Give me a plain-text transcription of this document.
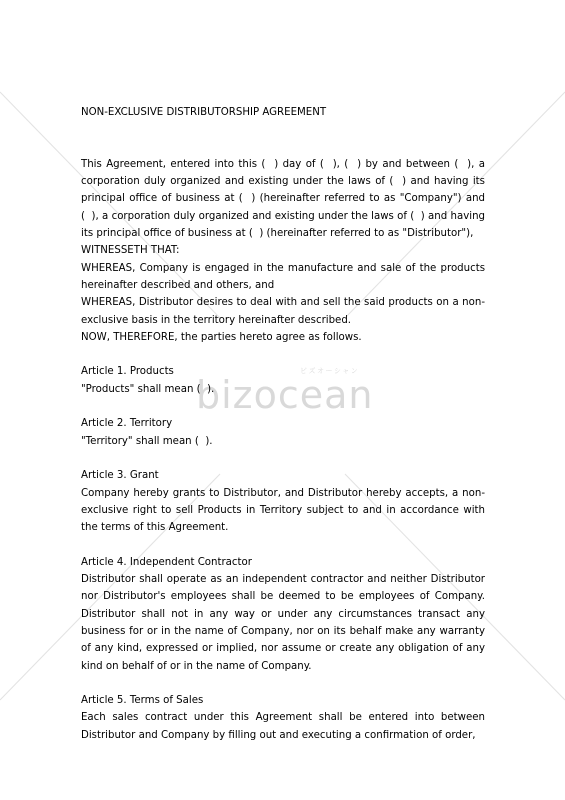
ビズオーシャン
bizocean

NON-EXCLUSIVE DISTRIBUTORSHIP AGREEMENT

This Agreement, entered into this (  ) day of (  ), (  ) by and between (  ), a corporation duly organized and existing under the laws of (  ) and having its principal office of business at (  ) (hereinafter referred to as "Company") and (  ), a corporation duly organized and existing under the laws of (  ) and having its principal office of business at (  ) (hereinafter referred to as "Distributor"),

WITNESSETH THAT:

WHEREAS, Company is engaged in the manufacture and sale of the products hereinafter described and others, and

WHEREAS, Distributor desires to deal with and sell the said products on a non-exclusive basis in the territory hereinafter described.

NOW, THEREFORE, the parties hereto agree as follows.

Article 1. Products

"Products" shall mean (  ).

Article 2. Territory

"Territory" shall mean (  ).

Article 3. Grant

Company hereby grants to Distributor, and Distributor hereby accepts, a non-exclusive right to sell Products in Territory subject to and in accordance with the terms of this Agreement.

Article 4. Independent Contractor

Distributor shall operate as an independent contractor and neither Distributor nor Distributor's employees shall be deemed to be employees of Company. Distributor shall not in any way or under any circumstances transact any business for or in the name of Company, nor on its behalf make any warranty of any kind, expressed or implied, nor assume or create any obligation of any kind on behalf of or in the name of Company.

Article 5. Terms of Sales

Each sales contract under this Agreement shall be entered into between Distributor and Company by filling out and executing a confirmation of order,
